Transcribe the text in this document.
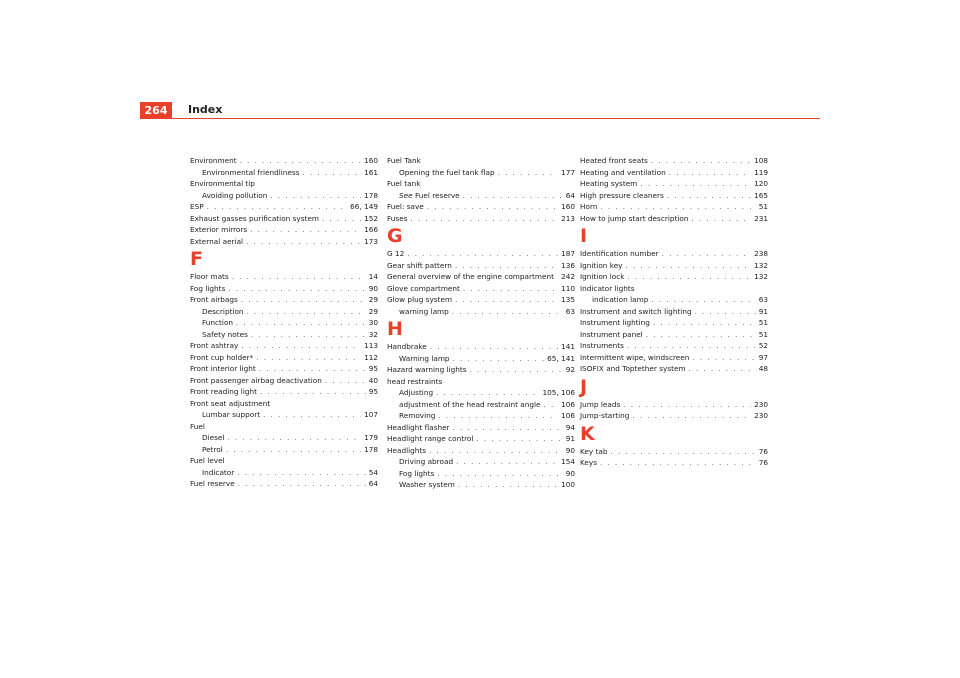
264	Index
Environment . . .	160
Environmental friendliness . . .	161
Environmental tip
Avoiding pollution . . .	178
ESP . . .	66, 149
Exhaust gasses purification system . . .	152
Exterior mirrors . . .	166
External aerial . . .	173
F
Floor mats . . .	14
Fog lights . . .	90
Front airbags . . .	29
Description . . .	29
Function . . .	30
Safety notes . . .	32
Front ashtray . . .	113
Front cup holder* . . .	112
Front interior light . . .	95
Front passenger airbag deactivation . . .	40
Front reading light . . .	95
Front seat adjustment
Lumbar support . . .	107
Fuel
Diesel . . .	179
Petrol . . .	178
Fuel level
Indicator . . .	54
Fuel reserve . . .	64
Fuel Tank
Opening the fuel tank flap . . .	177
Fuel tank
See Fuel reserve . . .	64
Fuel: save . . .	160
Fuses . . .	213
G
G 12 . . .	187
Gear shift pattern . . .	136
General overview of the engine compartment 242
Glove compartment . . .	110
Glow plug system . . .	135
warning lamp . . .	63
H
Handbrake . . .	141
Warning lamp . . .	65, 141
Hazard warning lights . . .	92
head restraints
Adjusting . . .	105, 106
adjustment of the head restraint angle . . .	106
Removing . . .	106
Headlight flasher . . .	94
Headlight range control . . .	91
Headlights . . .	90
Driving abroad . . .	154
Fog lights . . .	90
Washer system . . .	100
Heated front seats . . .	108
Heating and ventilation . . .	119
Heating system . . .	120
High pressure cleaners . . .	165
Horn . . .	51
How to jump start description . . .	231
I
Identification number . . .	238
Ignition key . . .	132
Ignition lock . . .	132
Indicator lights
indication lamp . . .	63
Instrument and switch lighting . . .	91
Instrument lighting . . .	51
Instrument panel . . .	51
Instruments . . .	52
Intermittent wipe, windscreen . . .	97
ISOFIX and Toptether system . . .	48
J
Jump leads . . .	230
Jump-starting . . .	230
K
Key tab . . .	76
Keys . . .	76
